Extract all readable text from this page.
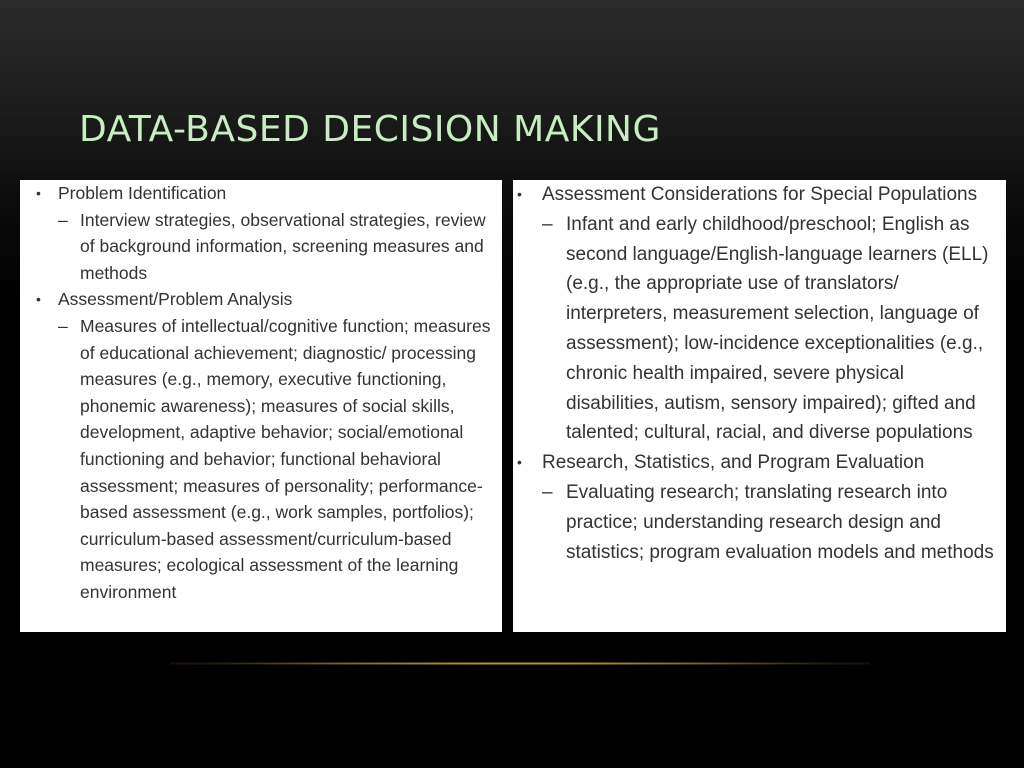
DATA-BASED DECISION MAKING
• Problem Identification
– Interview strategies, observational strategies, review of background information, screening measures and methods
• Assessment/Problem Analysis
– Measures of intellectual/cognitive function; measures of educational achievement; diagnostic/ processing measures (e.g., memory, executive functioning, phonemic awareness); measures of social skills, development, adaptive behavior; social/emotional functioning and behavior; functional behavioral assessment; measures of personality; performance-based assessment (e.g., work samples, portfolios); curriculum-based assessment/curriculum-based measures; ecological assessment of the learning environment
•	Assessment Considerations for Special Populations
– Infant and early childhood/preschool; English as second language/English-language learners (ELL) (e.g., the appropriate use of translators/ interpreters, measurement selection, language of assessment); low-incidence exceptionalities (e.g., chronic health impaired, severe physical disabilities, autism, sensory impaired); gifted and talented; cultural, racial, and diverse populations
•	Research, Statistics, and Program Evaluation
– Evaluating research; translating research into practice; understanding research design and statistics; program evaluation models and methods
